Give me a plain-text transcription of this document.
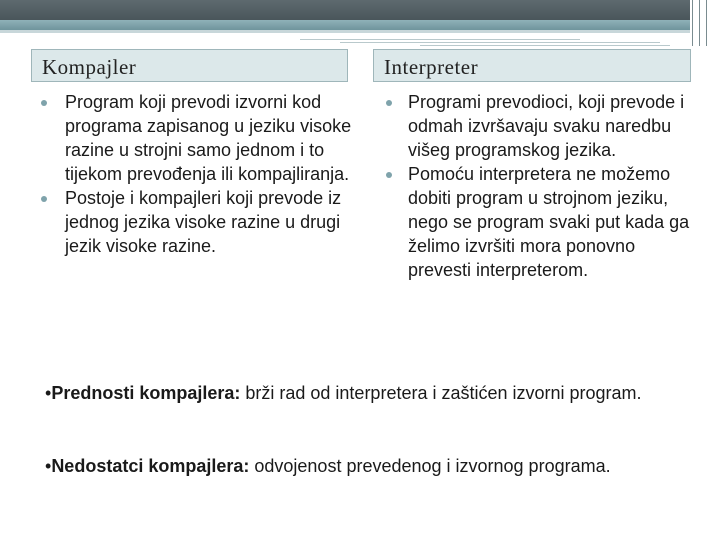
Kompajler	Interpreter
Program koji prevodi izvorni kod programa zapisanog u jeziku visoke razine u strojni samo jednom i to tijekom prevođenja ili kompajliranja.
Postoje i kompajleri koji prevode iz jednog jezika visoke razine u drugi jezik visoke razine.
Programi prevodioci, koji prevode i odmah izvršavaju svaku naredbu višeg programskog jezika.
Pomoću interpretera ne možemo dobiti program u strojnom jeziku, nego se program svaki put kada ga želimo izvršiti mora ponovno prevesti interpreterom.
•Prednosti kompajlera: brži rad od interpretera i zaštićen izvorni program.
•Nedostatci kompajlera: odvojenost prevedenog i izvornog programa.
